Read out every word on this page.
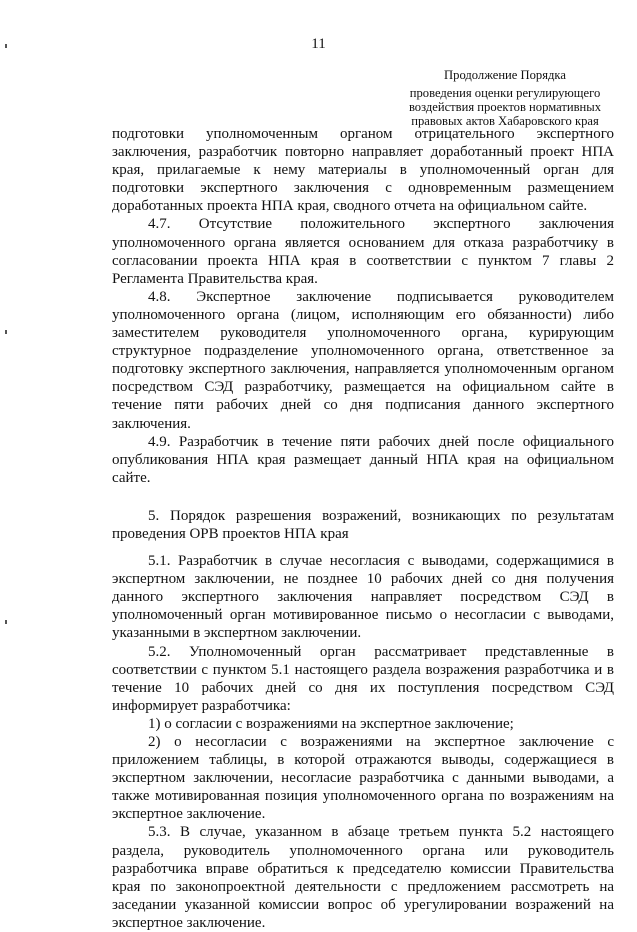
11
Продолжение Порядка
проведения оценки регулирующего воздействия проектов нормативных правовых актов Хабаровского края

подготовки уполномоченным органом отрицательного экспертного заключения, разработчик повторно направляет доработанный проект НПА края, прилагаемые к нему материалы в уполномоченный орган для подготовки экспертного заключения с одновременным размещением доработанных проекта НПА края, сводного отчета на официальном сайте.

4.7. Отсутствие положительного экспертного заключения уполномоченного органа является основанием для отказа разработчику в согласовании проекта НПА края в соответствии с пунктом 7 главы 2 Регламента Правительства края.

4.8. Экспертное заключение подписывается руководителем уполномоченного органа (лицом, исполняющим его обязанности) либо заместителем руководителя уполномоченного органа, курирующим структурное подразделение уполномоченного органа, ответственное за подготовку экспертного заключения, направляется уполномоченным органом посредством СЭД разработчику, размещается на официальном сайте в течение пяти рабочих дней со дня подписания данного экспертного заключения.

4.9. Разработчик в течение пяти рабочих дней после официального опубликования НПА края размещает данный НПА края на официальном сайте.

5. Порядок разрешения возражений, возникающих по результатам проведения ОРВ проектов НПА края

5.1. Разработчик в случае несогласия с выводами, содержащимися в экспертном заключении, не позднее 10 рабочих дней со дня получения данного экспертного заключения направляет посредством СЭД в уполномоченный орган мотивированное письмо о несогласии с выводами, указанными в экспертном заключении.

5.2. Уполномоченный орган рассматривает представленные в соответствии с пунктом 5.1 настоящего раздела возражения разработчика и в течение 10 рабочих дней со дня их поступления посредством СЭД информирует разработчика:

1) о согласии с возражениями на экспертное заключение;

2) о несогласии с возражениями на экспертное заключение с приложением таблицы, в которой отражаются выводы, содержащиеся в экспертном заключении, несогласие разработчика с данными выводами, а также мотивированная позиция уполномоченного органа по возражениям на экспертное заключение.

5.3. В случае, указанном в абзаце третьем пункта 5.2 настоящего раздела, руководитель уполномоченного органа или руководитель разработчика вправе обратиться к председателю комиссии Правительства края по законопроектной деятельности с предложением рассмотреть на заседании указанной комиссии вопрос об урегулировании возражений на экспертное заключение.
